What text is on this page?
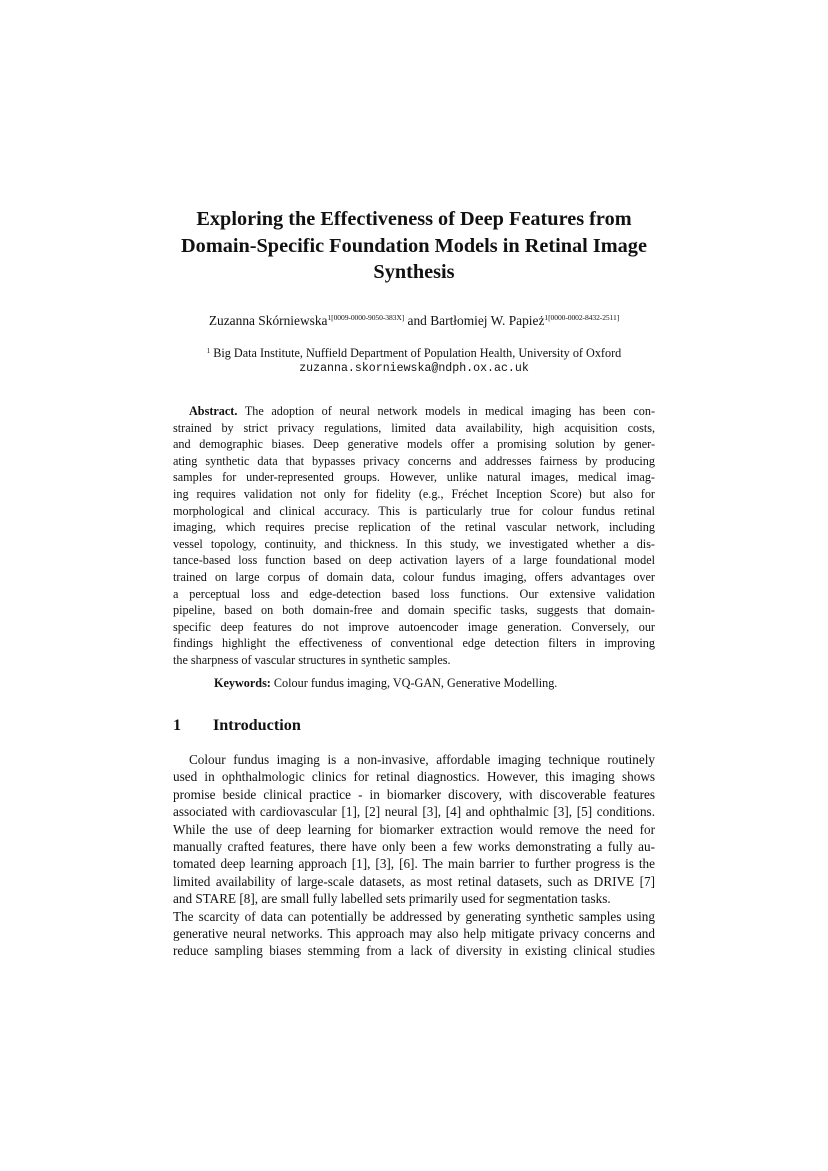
Exploring the Effectiveness of Deep Features from
Domain-Specific Foundation Models in Retinal Image
Synthesis
Zuzanna Skórniewska$^{1[0009-0000-9050-383X]}$ and Bartłomiej W. Papież$^{1[0000-0002-8432-2511]}$
$^1$ Big Data Institute, Nuffield Department of Population Health, University of Oxford
zuzanna.skorniewska@ndph.ox.ac.uk
Abstract. The adoption of neural network models in medical imaging has been con-
strained by strict privacy regulations, limited data availability, high acquisition costs,
and demographic biases. Deep generative models offer a promising solution by gener-
ating synthetic data that bypasses privacy concerns and addresses fairness by producing
samples for under-represented groups. However, unlike natural images, medical imag-
ing requires validation not only for fidelity (e.g., Fréchet Inception Score) but also for
morphological and clinical accuracy. This is particularly true for colour fundus retinal
imaging, which requires precise replication of the retinal vascular network, including
vessel topology, continuity, and thickness. In this study, we investigated whether a dis-
tance-based loss function based on deep activation layers of a large foundational model
trained on large corpus of domain data, colour fundus imaging, offers advantages over
a perceptual loss and edge-detection based loss functions. Our extensive validation
pipeline, based on both domain-free and domain specific tasks, suggests that domain-
specific deep features do not improve autoencoder image generation. Conversely, our
findings highlight the effectiveness of conventional edge detection filters in improving
the sharpness of vascular structures in synthetic samples.
Keywords: Colour fundus imaging, VQ-GAN, Generative Modelling.
1 Introduction
Colour fundus imaging is a non-invasive, affordable imaging technique routinely
used in ophthalmologic clinics for retinal diagnostics. However, this imaging shows
promise beside clinical practice - in biomarker discovery, with discoverable features
associated with cardiovascular [1], [2] neural [3], [4] and ophthalmic [3], [5] conditions.
While the use of deep learning for biomarker extraction would remove the need for
manually crafted features, there have only been a few works demonstrating a fully au-
tomated deep learning approach [1], [3], [6]. The main barrier to further progress is the
limited availability of large-scale datasets, as most retinal datasets, such as DRIVE [7]
and STARE [8], are small fully labelled sets primarily used for segmentation tasks.
The scarcity of data can potentially be addressed by generating synthetic samples using
generative neural networks. This approach may also help mitigate privacy concerns and
reduce sampling biases stemming from a lack of diversity in existing clinical studies
